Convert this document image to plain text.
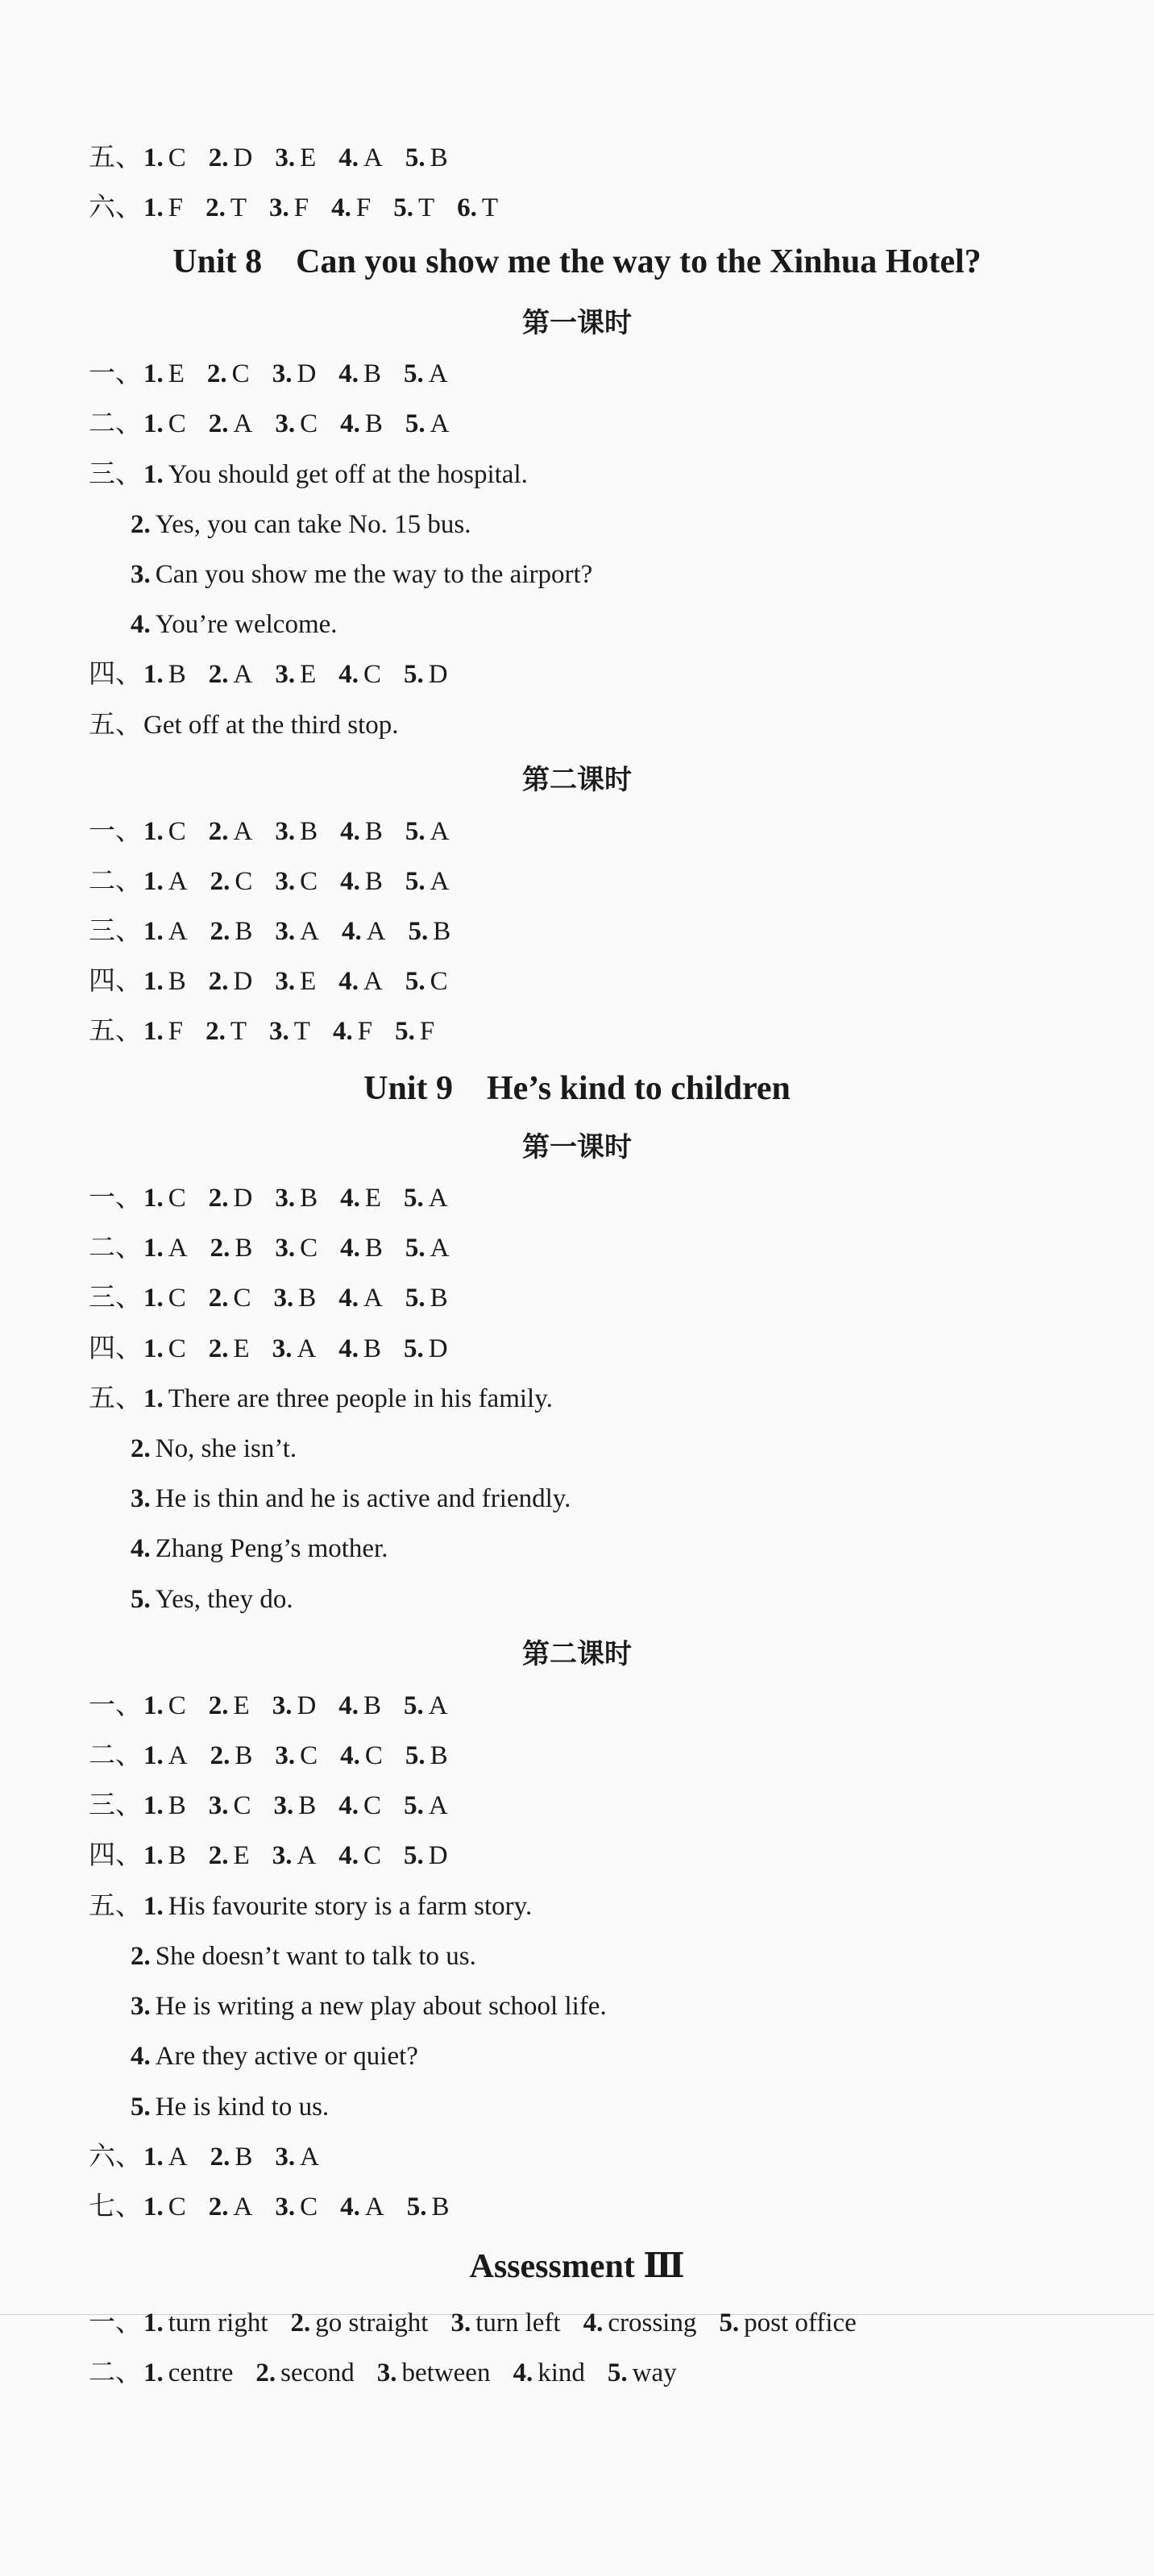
五、1. C 2. D 3. E 4. A 5. B
六、1. F 2. T 3. F 4. F 5. T 6. T
Unit 8　Can you show me the way to the Xinhua Hotel?
第一课时
一、1. E 2. C 3. D 4. B 5. A
二、1. C 2. A 3. C 4. B 5. A
三、1. You should get off at the hospital.
2. Yes, you can take No. 15 bus.
3. Can you show me the way to the airport?
4. You’re welcome.
四、1. B 2. A 3. E 4. C 5. D
五、Get off at the third stop.
第二课时
一、1. C 2. A 3. B 4. B 5. A
二、1. A 2. C 3. C 4. B 5. A
三、1. A 2. B 3. A 4. A 5. B
四、1. B 2. D 3. E 4. A 5. C
五、1. F 2. T 3. T 4. F 5. F
Unit 9　He’s kind to children
第一课时
一、1. C 2. D 3. B 4. E 5. A
二、1. A 2. B 3. C 4. B 5. A
三、1. C 2. C 3. B 4. A 5. B
四、1. C 2. E 3. A 4. B 5. D
五、1. There are three people in his family.
2. No, she isn’t.
3. He is thin and he is active and friendly.
4. Zhang Peng’s mother.
5. Yes, they do.
第二课时
一、1. C 2. E 3. D 4. B 5. A
二、1. A 2. B 3. C 4. C 5. B
三、1. B 3. C 3. B 4. C 5. A
四、1. B 2. E 3. A 4. C 5. D
五、1. His favourite story is a farm story.
2. She doesn’t want to talk to us.
3. He is writing a new play about school life.
4. Are they active or quiet?
5. He is kind to us.
六、1. A 2. B 3. A
七、1. C 2. A 3. C 4. A 5. B
Assessment Ⅲ
一、1. turn right 2. go straight 3. turn left 4. crossing 5. post office
二、1. centre 2. second 3. between 4. kind 5. way
